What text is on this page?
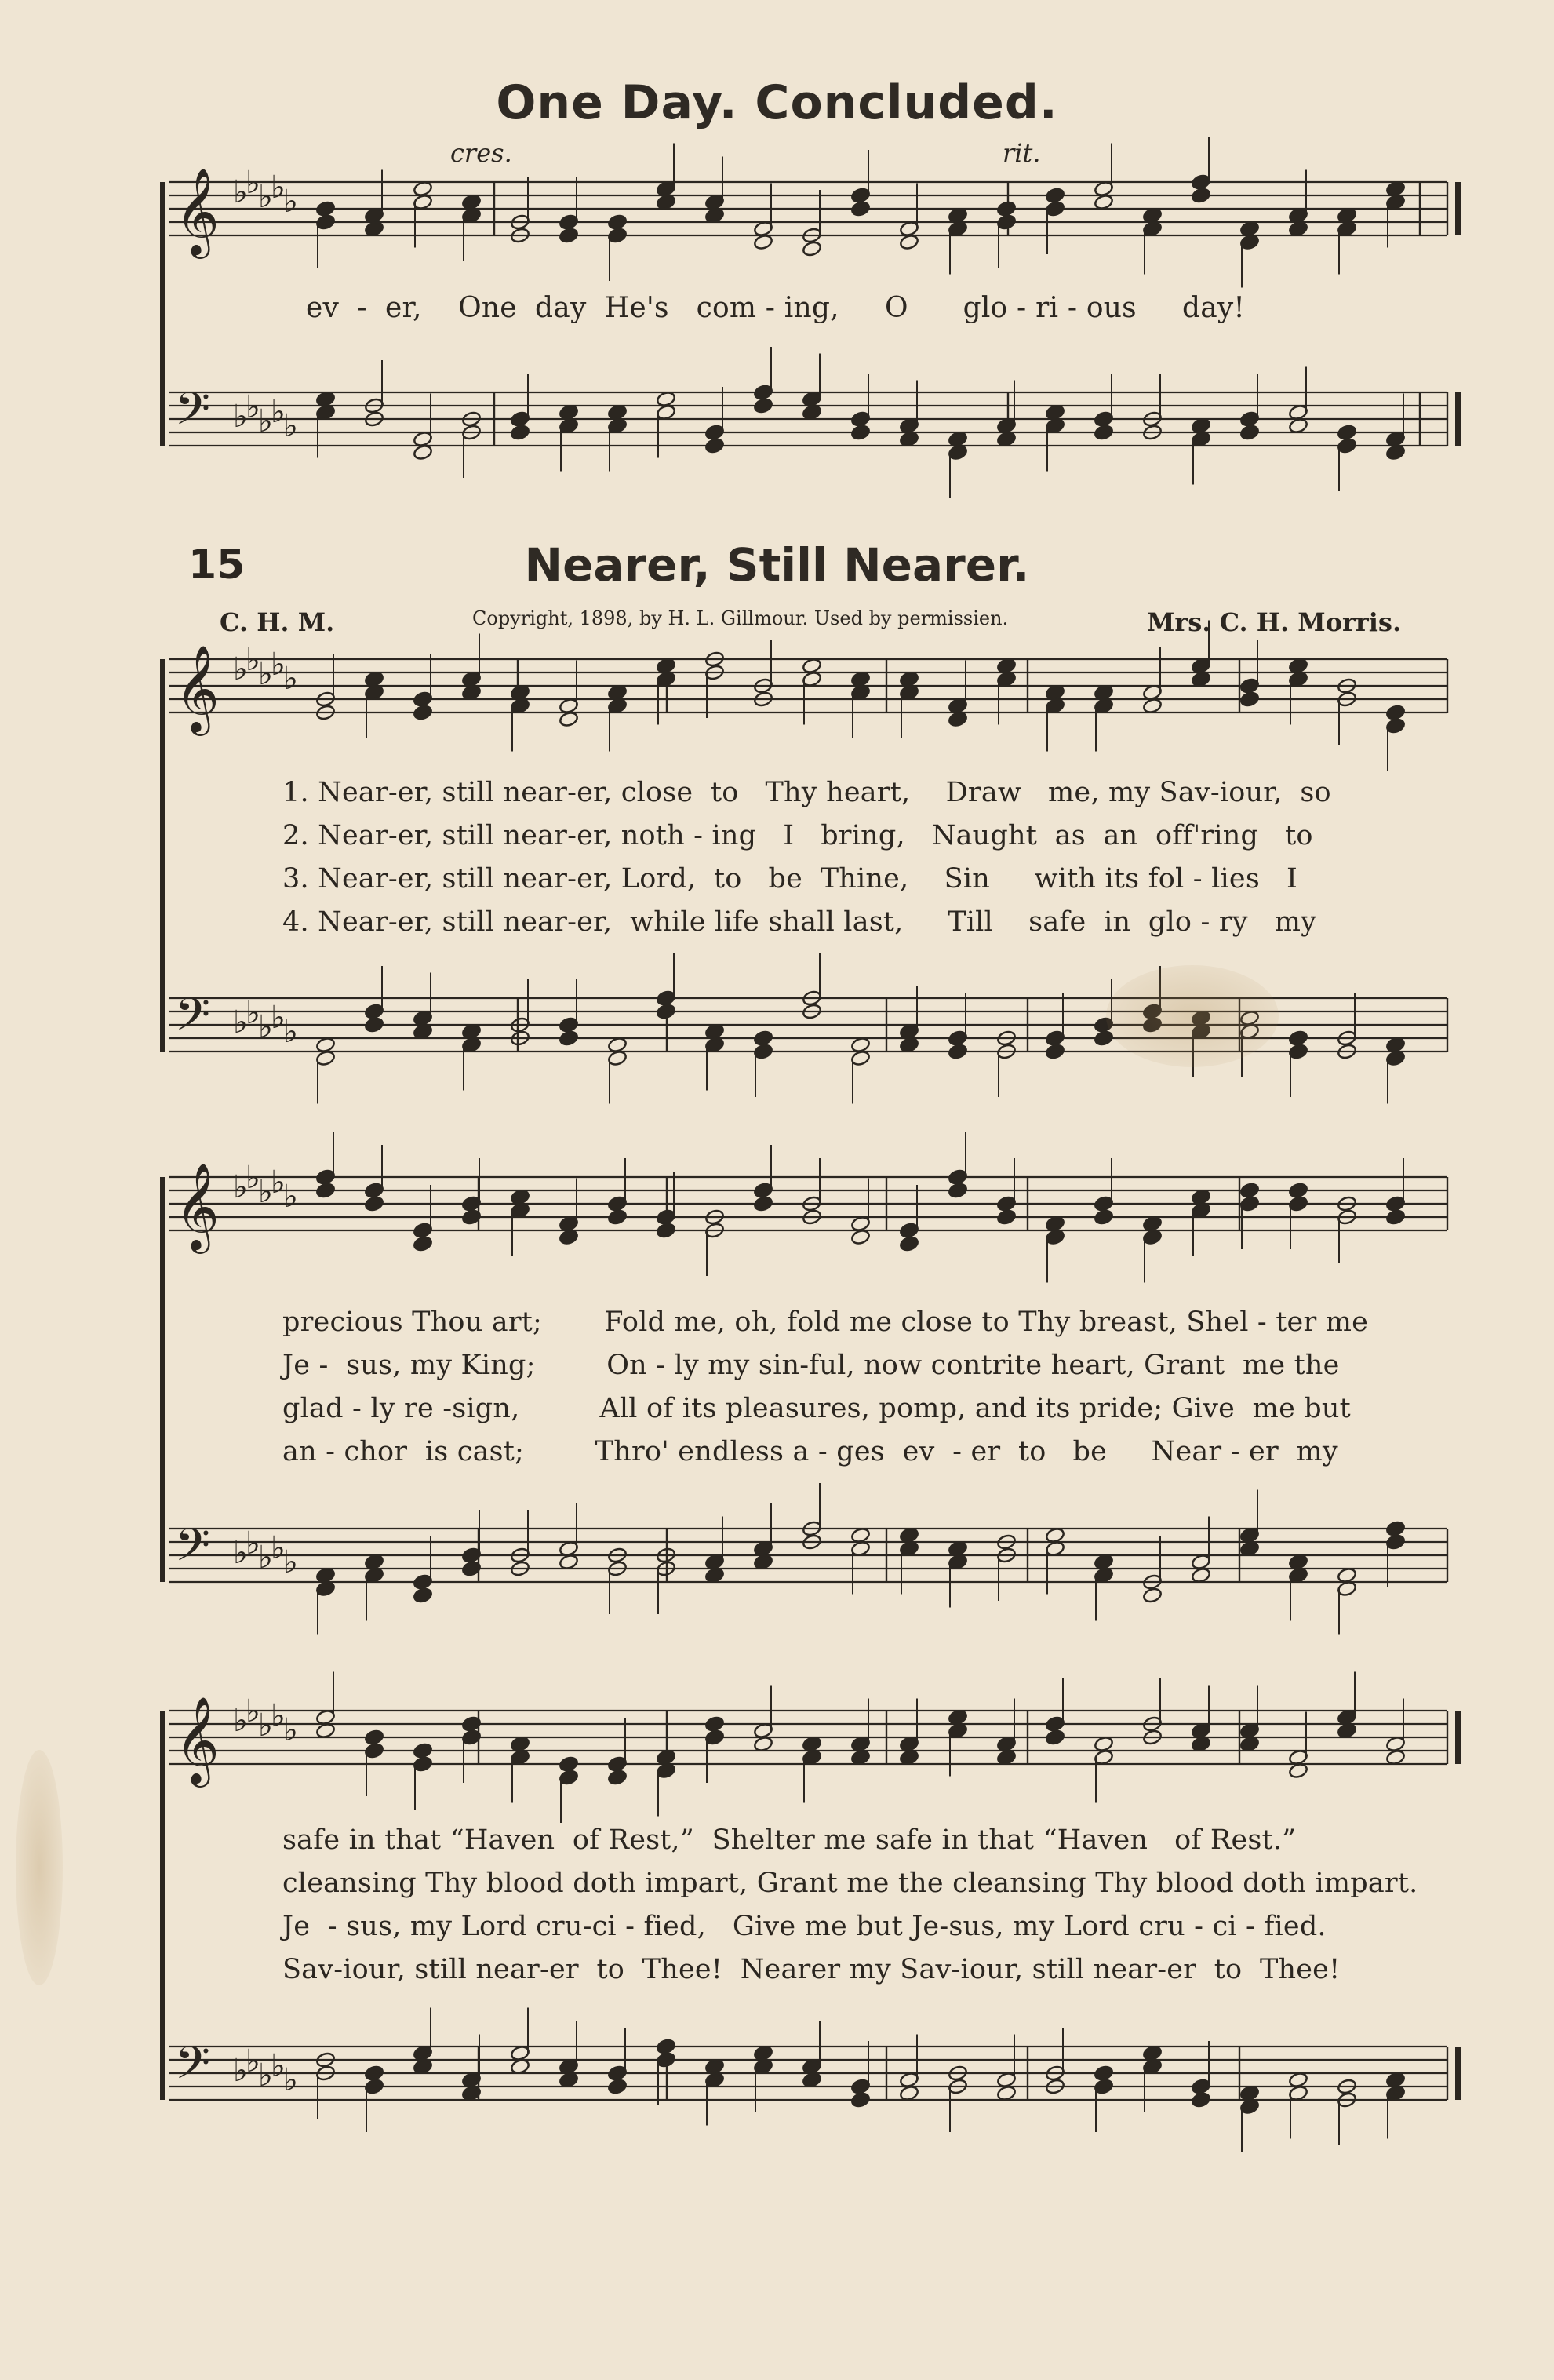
𝄞 ♭
♭
♭
♭
♭
𝄢 ♭
♭
♭
♭
♭
𝄞 ♭
♭
♭
♭
♭
𝄢 ♭
♭
♭
♭
♭
𝄞 ♭
♭
♭
♭
♭
𝄢 ♭
♭
♭
♭
♭
𝄞 ♭
♭
♭
♭
♭
𝄢 ♭
♭
♭
♭
♭
One Day. Concluded.
cres.	rit.
ev  -  er,    One  day  He's   com - ing,     O      glo - ri - ous     day!
15	Nearer, Still Nearer.
C. H. M.	Copyright, 1898, by H. L. Gillmour. Used by permissien.	Mrs. C. H. Morris.
1. Near-er, still near-er, close  to   Thy heart,    Draw   me, my Sav-iour,  so
2. Near-er, still near-er, noth - ing   I   bring,   Naught  as  an  off'ring   to
3. Near-er, still near-er, Lord,  to   be  Thine,    Sin     with its fol - lies   I
4. Near-er, still near-er,  while life shall last,     Till    safe  in  glo - ry   my
precious Thou art;       Fold me, oh, fold me close to Thy breast, Shel - ter me
Je -  sus, my King;        On - ly my sin-ful, now contrite heart, Grant  me the
glad - ly re -sign,         All of its pleasures, pomp, and its pride; Give  me but
an - chor  is cast;        Thro' endless a - ges  ev  - er  to   be     Near - er  my
safe in that “Haven  of Rest,”  Shelter me safe in that “Haven   of Rest.”
cleansing Thy blood doth impart, Grant me the cleansing Thy blood doth impart.
Je  - sus, my Lord cru-ci - fied,   Give me but Je-sus, my Lord cru - ci - fied.
Sav-iour, still near-er  to  Thee!  Nearer my Sav-iour, still near-er  to  Thee!
